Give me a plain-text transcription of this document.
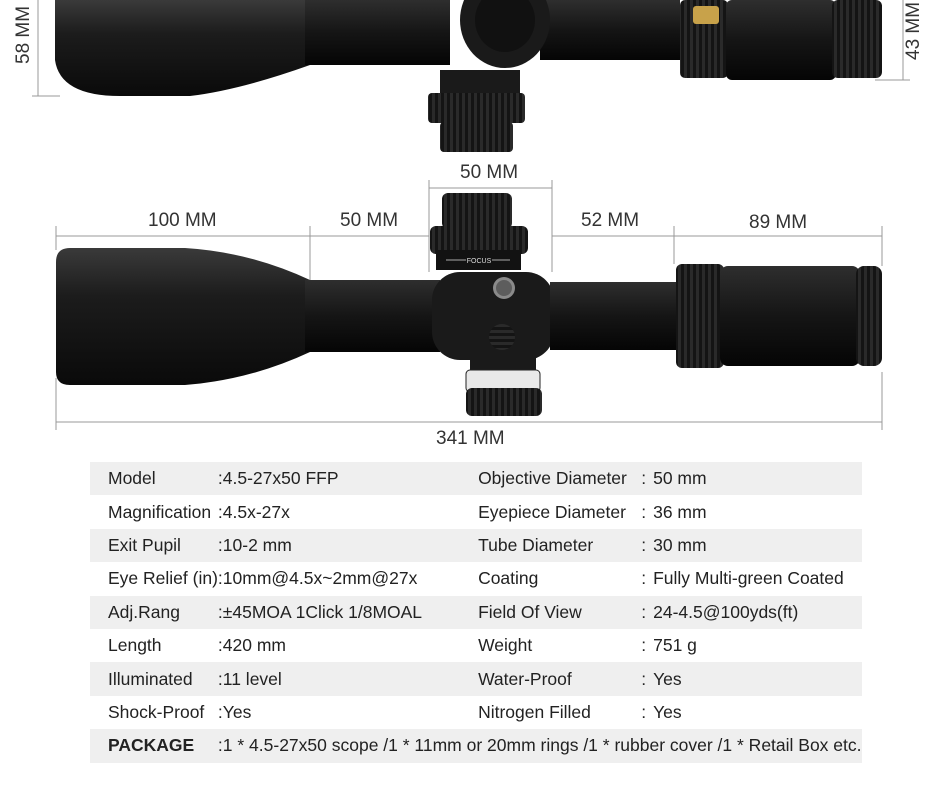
FOCUS
58 MM	43 MM
50 MM
100 MM	50 MM	52 MM	89 MM
341 MM
Model	:	4.5-27x50 FFP	Objective Diameter	:	50 mm
Magnification	:	4.5x-27x	Eyepiece Diameter	:	36 mm
Exit Pupil	:	10-2 mm	Tube Diameter	:	30 mm
Eye Relief (in)	:	10mm@4.5x~2mm@27x	Coating	:	Fully Multi-green Coated
Adj.Rang	:	±45MOA 1Click 1/8MOAL	Field Of View	:	24-4.5@100yds(ft)
Length	:	420 mm	Weight	:	751 g
Illuminated	:	11 level	Water-Proof	:	Yes
Shock-Proof	:	Yes	Nitrogen Filled	:	Yes
PACKAGE	:	1 * 4.5-27x50 scope /1 * 11mm or 20mm rings /1 * rubber cover /1 * Retail Box etc.			
